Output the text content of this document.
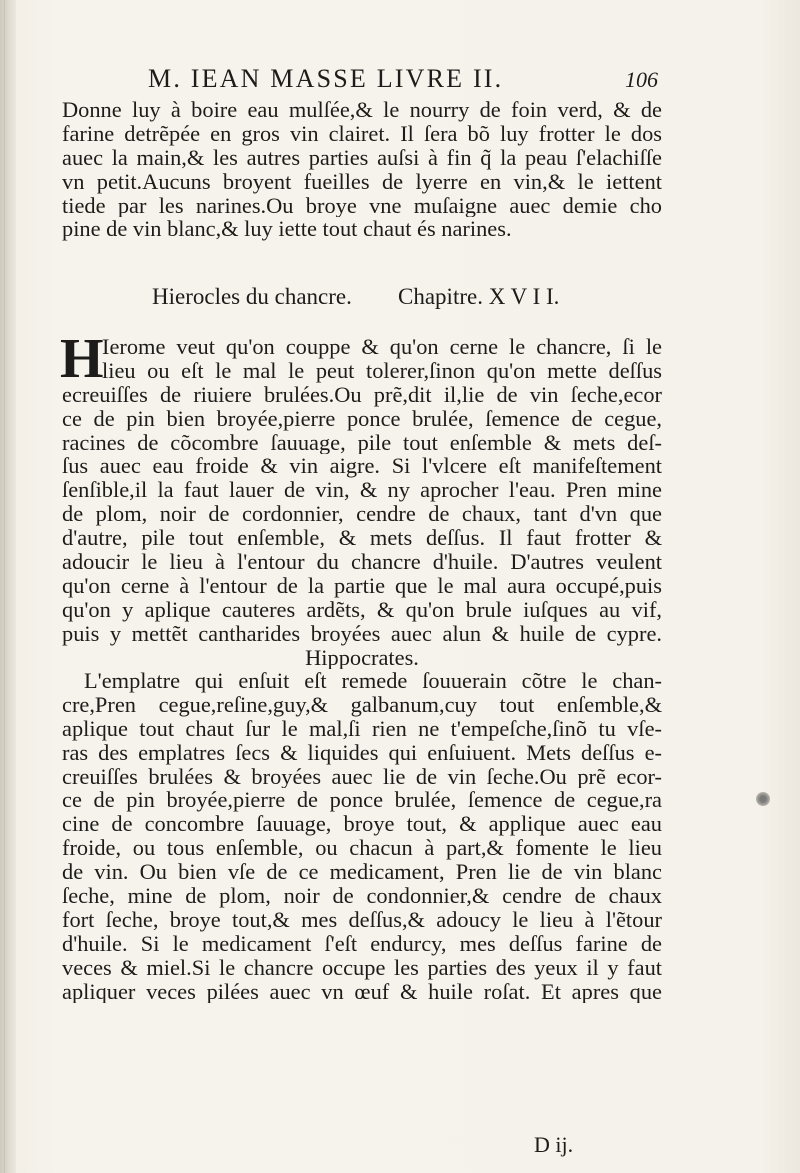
M. IEAN MASSE LIVRE II.	106
Donne luy à boire eau mulſée,& le nourry de foin verd, & de
farine detrẽpée en gros vin clairet. Il ſera bõ luy frotter le dos
auec la main,& les autres parties auſsi à fin q̃ la peau ſ'elachiſſe
vn petit.Aucuns broyent fueilles de lyerre en vin,& le iettent
tiede par les narines.Ou broye vne muſaigne auec demie cho
pine de vin blanc,& luy iette tout chaut és narines.
Hierocles du chancre. Chapitre. X V I I.
H
Ierome veut qu'on couppe & qu'on cerne le chancre, ſi le
lieu ou eſt le mal le peut tolerer,ſinon qu'on mette deſſus
ecreuiſſes de riuiere brulées.Ou prẽ,dit il,lie de vin ſeche,ecor
ce de pin bien broyée,pierre ponce brulée, ſemence de cegue,
racines de cõcombre ſauuage, pile tout enſemble & mets deſ-
ſus auec eau froide & vin aigre. Si l'vlcere eſt manifeſtement
ſenſible,il la faut lauer de vin, & ny aprocher l'eau. Pren mine
de plom, noir de cordonnier, cendre de chaux, tant d'vn que
d'autre, pile tout enſemble, & mets deſſus. Il faut frotter &
adoucir le lieu à l'entour du chancre d'huile. D'autres veulent
qu'on cerne à l'entour de la partie que le mal aura occupé,puis
qu'on y aplique cauteres ardẽts, & qu'on brule iuſques au vif,
puis y mettẽt cantharides broyées auec alun & huile de cypre.
Hippocrates.
L'emplatre qui enſuit eſt remede ſouuerain cõtre le chan-
cre,Pren cegue,reſine,guy,& galbanum,cuy tout enſemble,&
aplique tout chaut ſur le mal,ſi rien ne t'empeſche,ſinõ tu vſe-
ras des emplatres ſecs & liquides qui enſuiuent. Mets deſſus e-
creuiſſes brulées & broyées auec lie de vin ſeche.Ou prẽ ecor-
ce de pin broyée,pierre de ponce brulée, ſemence de cegue,ra
cine de concombre ſauuage, broye tout, & applique auec eau
froide, ou tous enſemble, ou chacun à part,& fomente le lieu
de vin. Ou bien vſe de ce medicament, Pren lie de vin blanc
ſeche, mine de plom, noir de condonnier,& cendre de chaux
fort ſeche, broye tout,& mes deſſus,& adoucy le lieu à l'ẽtour
d'huile. Si le medicament ſ'eſt endurcy, mes deſſus farine de
veces & miel.Si le chancre occupe les parties des yeux il y faut
apliquer veces pilées auec vn œuf & huile roſat. Et apres que
D ij.
